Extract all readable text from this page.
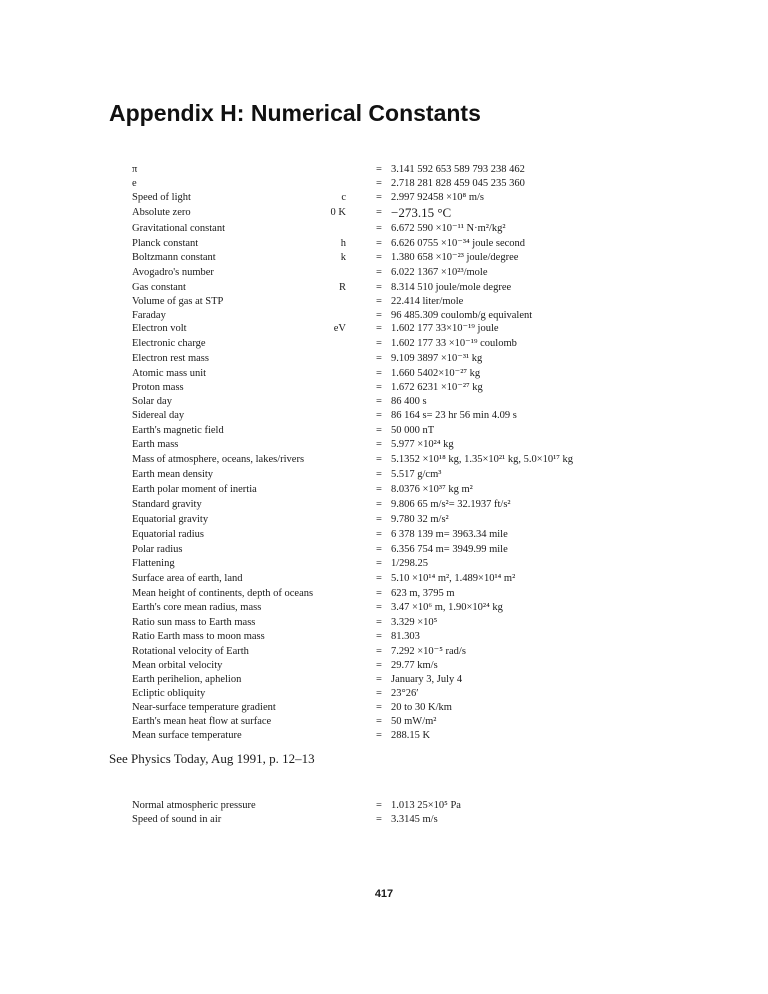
Appendix H: Numerical Constants
π	= 3.141 592 653 589 793 238 462
e	= 2.718 281 828 459 045 235 360
Speed of light	c	= 2.997 92458 ×10⁸ m/s
Absolute zero	0 K	= −273.15 °C
Gravitational constant	= 6.672 590 ×10⁻¹¹ N·m²/kg²
Planck constant	h	= 6.626 0755 ×10⁻³⁴ joule second
Boltzmann constant	k	= 1.380 658 ×10⁻²³ joule/degree
Avogadro's number	= 6.022 1367 ×10²³/mole
Gas constant	R	= 8.314 510 joule/mole degree
Volume of gas at STP	= 22.414 liter/mole
Faraday	= 96 485.309 coulomb/g equivalent
Electron volt	eV	= 1.602 177 33×10⁻¹⁹ joule
Electronic charge	= 1.602 177 33 ×10⁻¹⁹ coulomb
Electron rest mass	= 9.109 3897 ×10⁻³¹ kg
Atomic mass unit	= 1.660 5402×10⁻²⁷ kg
Proton mass	= 1.672 6231 ×10⁻²⁷ kg
Solar day	= 86 400 s
Sidereal day	= 86 164 s= 23 hr 56 min 4.09 s
Earth's magnetic field	= 50 000 nT
Earth mass	= 5.977 ×10²⁴ kg
Mass of atmosphere, oceans, lakes/rivers	= 5.1352 ×10¹⁸ kg, 1.35×10²¹ kg, 5.0×10¹⁷ kg
Earth mean density	= 5.517 g/cm³
Earth polar moment of inertia	= 8.0376 ×10³⁷ kg m²
Standard gravity	= 9.806 65 m/s²= 32.1937 ft/s²
Equatorial gravity	= 9.780 32 m/s²
Equatorial radius	= 6 378 139 m= 3963.34 mile
Polar radius	= 6.356 754 m= 3949.99 mile
Flattening	= 1/298.25
Surface area of earth, land	= 5.10 ×10¹⁴ m², 1.489×10¹⁴ m²
Mean height of continents, depth of oceans	= 623 m, 3795 m
Earth's core mean radius, mass	= 3.47 ×10⁶ m, 1.90×10²⁴ kg
Ratio sun mass to Earth mass	= 3.329 ×10⁵
Ratio Earth mass to moon mass	= 81.303
Rotational velocity of Earth	= 7.292 ×10⁻⁵ rad/s
Mean orbital velocity	= 29.77 km/s
Earth perihelion, aphelion	= January 3, July 4
Ecliptic obliquity	= 23°26′
Near-surface temperature gradient	= 20 to 30 K/km
Earth's mean heat flow at surface	= 50 mW/m²
Mean surface temperature	= 288.15 K
See Physics Today, Aug 1991, p. 12–13
Normal atmospheric pressure	= 1.013 25×10⁵ Pa
Speed of sound in air	= 3.3145 m/s
417
